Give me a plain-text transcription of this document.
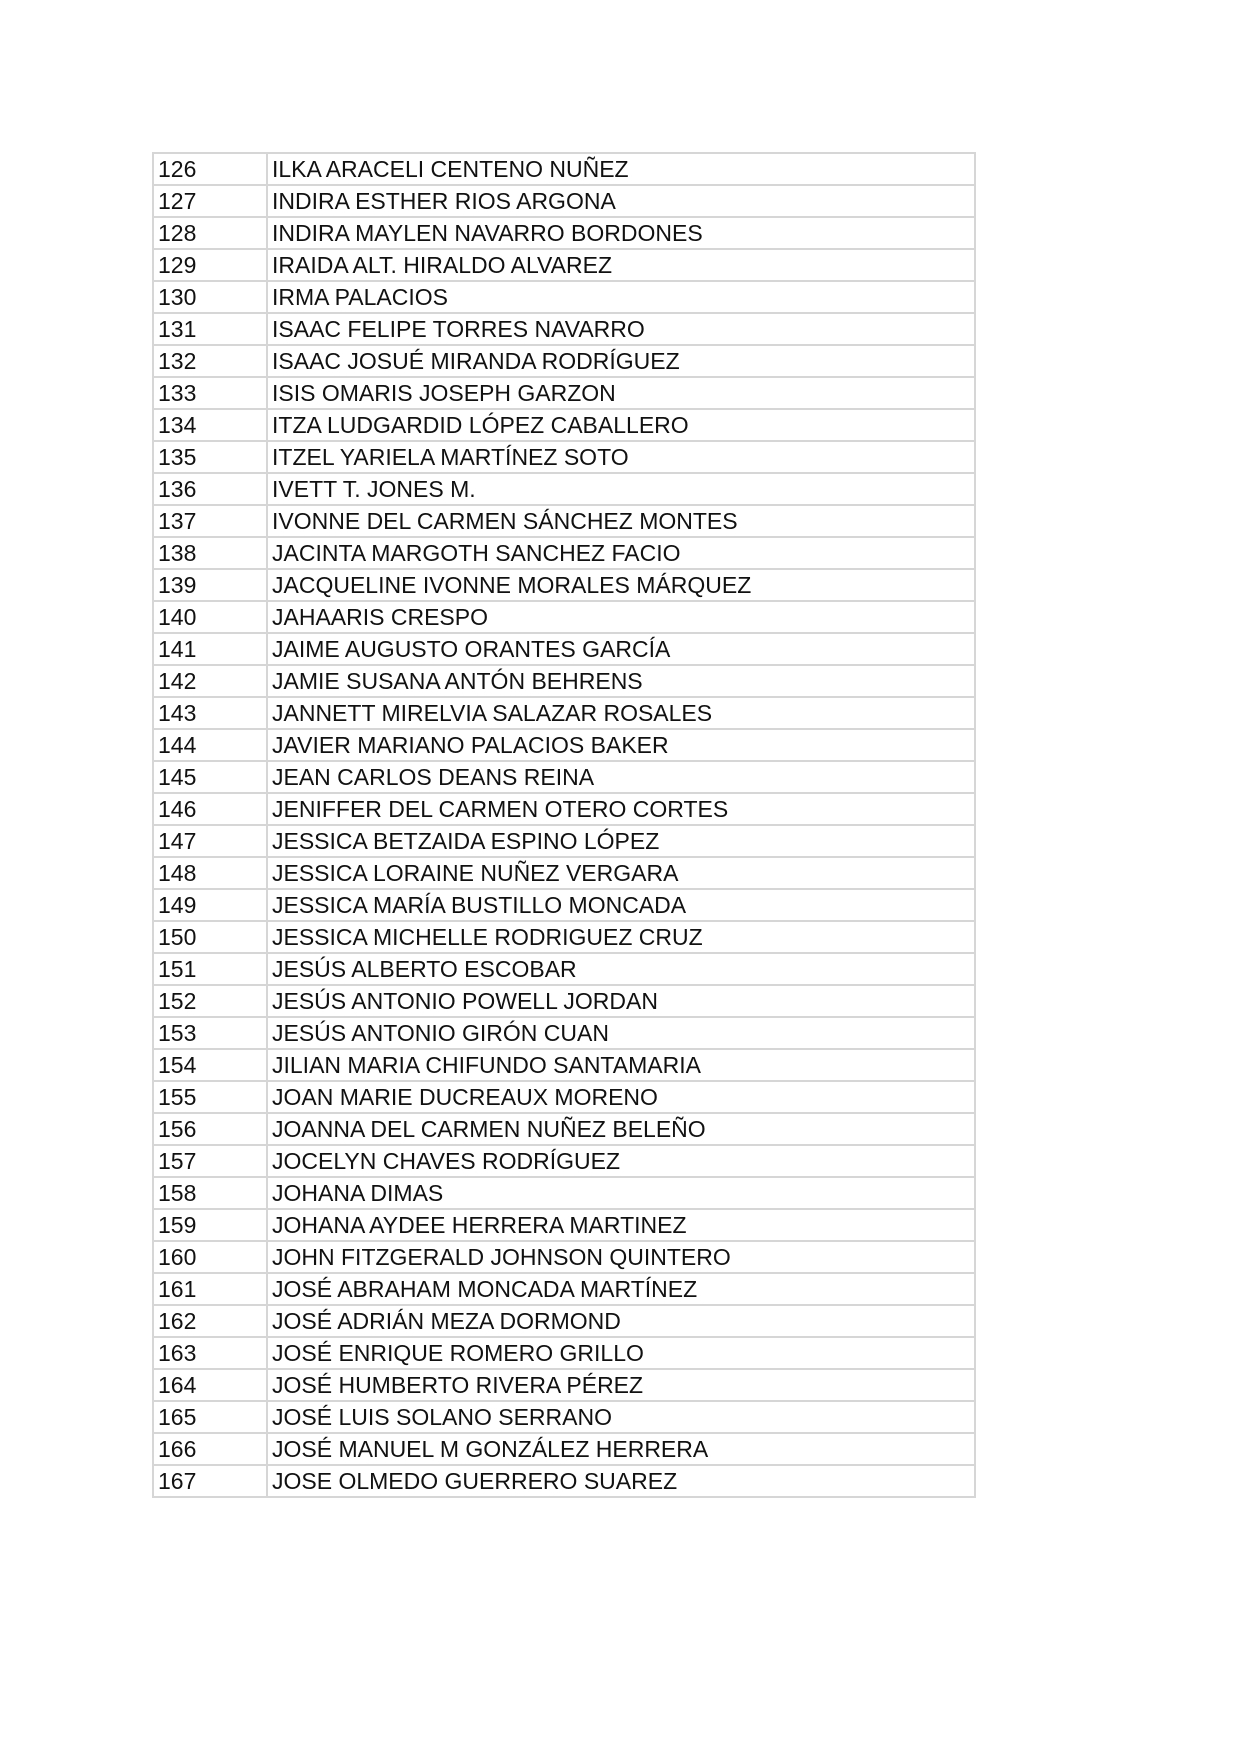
126	ILKA ARACELI CENTENO NUÑEZ
127	INDIRA ESTHER RIOS ARGONA
128	INDIRA MAYLEN NAVARRO BORDONES
129	IRAIDA ALT. HIRALDO ALVAREZ
130	IRMA PALACIOS
131	ISAAC FELIPE TORRES NAVARRO
132	ISAAC JOSUÉ MIRANDA RODRÍGUEZ
133	ISIS OMARIS JOSEPH GARZON
134	ITZA LUDGARDID LÓPEZ CABALLERO
135	ITZEL YARIELA MARTÍNEZ SOTO
136	IVETT T. JONES M.
137	IVONNE DEL CARMEN SÁNCHEZ MONTES
138	JACINTA MARGOTH SANCHEZ FACIO
139	JACQUELINE IVONNE MORALES MÁRQUEZ
140	JAHAARIS CRESPO
141	JAIME AUGUSTO ORANTES GARCÍA
142	JAMIE SUSANA ANTÓN BEHRENS
143	JANNETT MIRELVIA SALAZAR ROSALES
144	JAVIER MARIANO PALACIOS BAKER
145	JEAN CARLOS DEANS REINA
146	JENIFFER DEL CARMEN OTERO CORTES
147	JESSICA BETZAIDA ESPINO LÓPEZ
148	JESSICA LORAINE NUÑEZ VERGARA
149	JESSICA MARÍA BUSTILLO MONCADA
150	JESSICA MICHELLE RODRIGUEZ CRUZ
151	JESÚS ALBERTO ESCOBAR
152	JESÚS ANTONIO POWELL JORDAN
153	JESÚS ANTONIO GIRÓN CUAN
154	JILIAN MARIA CHIFUNDO SANTAMARIA
155	JOAN MARIE DUCREAUX MORENO
156	JOANNA DEL CARMEN NUÑEZ BELEÑO
157	JOCELYN CHAVES RODRÍGUEZ
158	JOHANA DIMAS
159	JOHANA AYDEE HERRERA MARTINEZ
160	JOHN FITZGERALD JOHNSON QUINTERO
161	JOSÉ ABRAHAM MONCADA MARTÍNEZ
162	JOSÉ ADRIÁN MEZA DORMOND
163	JOSÉ ENRIQUE ROMERO GRILLO
164	JOSÉ HUMBERTO RIVERA PÉREZ
165	JOSÉ LUIS SOLANO SERRANO
166	JOSÉ MANUEL M GONZÁLEZ HERRERA
167	JOSE OLMEDO GUERRERO SUAREZ
